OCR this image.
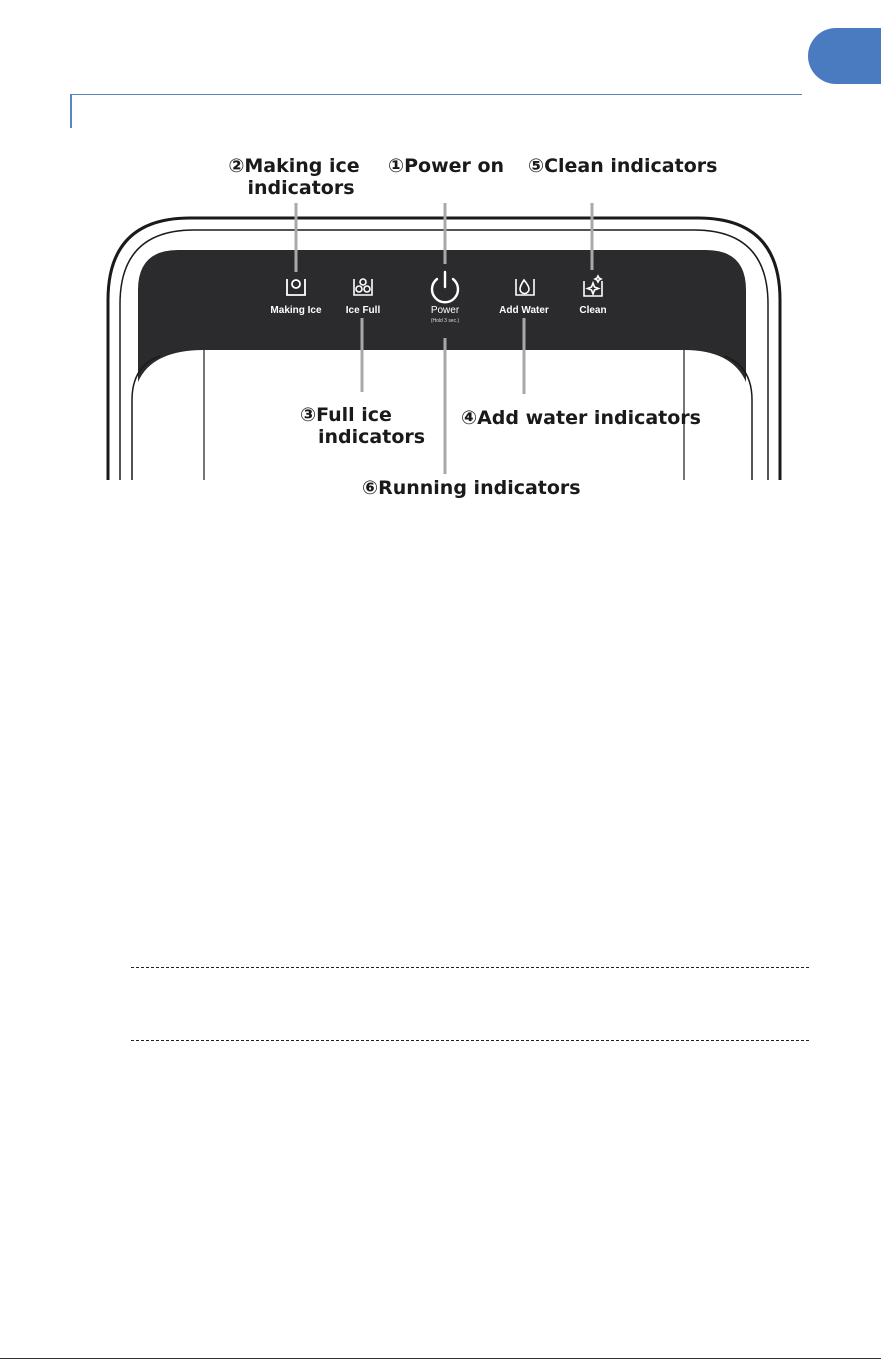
Making Ice	Ice Full	Power
(Hold 3 sec.)
Add Water	Clean
②Making ice
indicators
①Power on ⑤Clean indicators
③Full ice
indicators
④Add water indicators
⑥Running indicators
